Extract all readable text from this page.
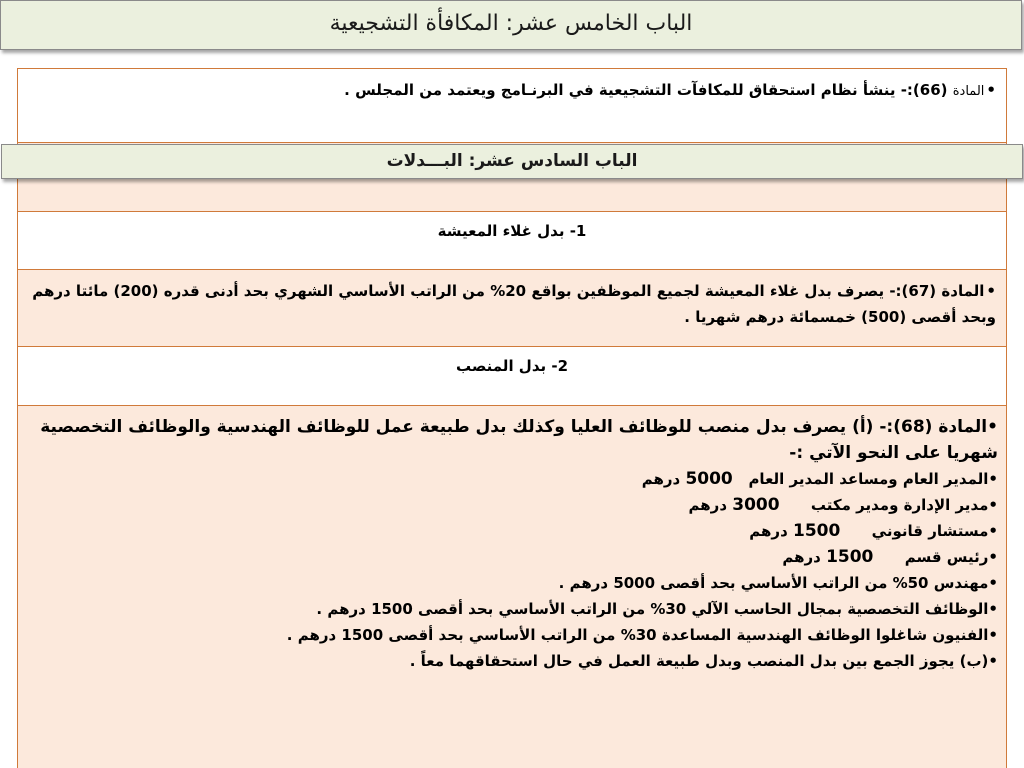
الباب الخامس عشر: المكافأة التشجيعية
•المادة (66):- ينشأ نظام استحقاق للمكافآت التشجيعية في البرنـامج ويعتمد من المجلس .
1- بدل غلاء المعيشة
•المادة (67):- يصرف بدل غلاء المعيشة لجميع الموظفين بواقع 20% من الراتب الأساسي الشهري بحد أدنى قدره (200) مائتا درهم وبحد أقصى (500) خمسمائة درهم شهريا .
2- بدل المنصب
•المادة (68):- (أ) يصرف بدل منصب للوظائف العليا وكذلك بدل طبيعة عمل للوظائف الهندسية والوظائف التخصصية شهريا على النحو الآتي :-
•المدير العام ومساعد المدير العام   5000 درهم
•مدير الإدارة ومدير مكتب      3000 درهم
•مستشار قانوني      1500 درهم
•رئيس قسم      1500 درهم
•مهندس 50% من الراتب الأساسي بحد أقصى 5000 درهم .
•الوظائف التخصصية بمجال الحاسب الآلي 30% من الراتب الأساسي بحد أقصى 1500 درهم .
•الفنيون شاغلوا الوظائف الهندسية المساعدة 30% من الراتب الأساسي بحد أقصى 1500 درهم .
•(ب) يجوز الجمع بين بدل المنصب وبدل طبيعة العمل في حال استحقاقهما معاً .
الباب السادس عشر: البـــدلات
